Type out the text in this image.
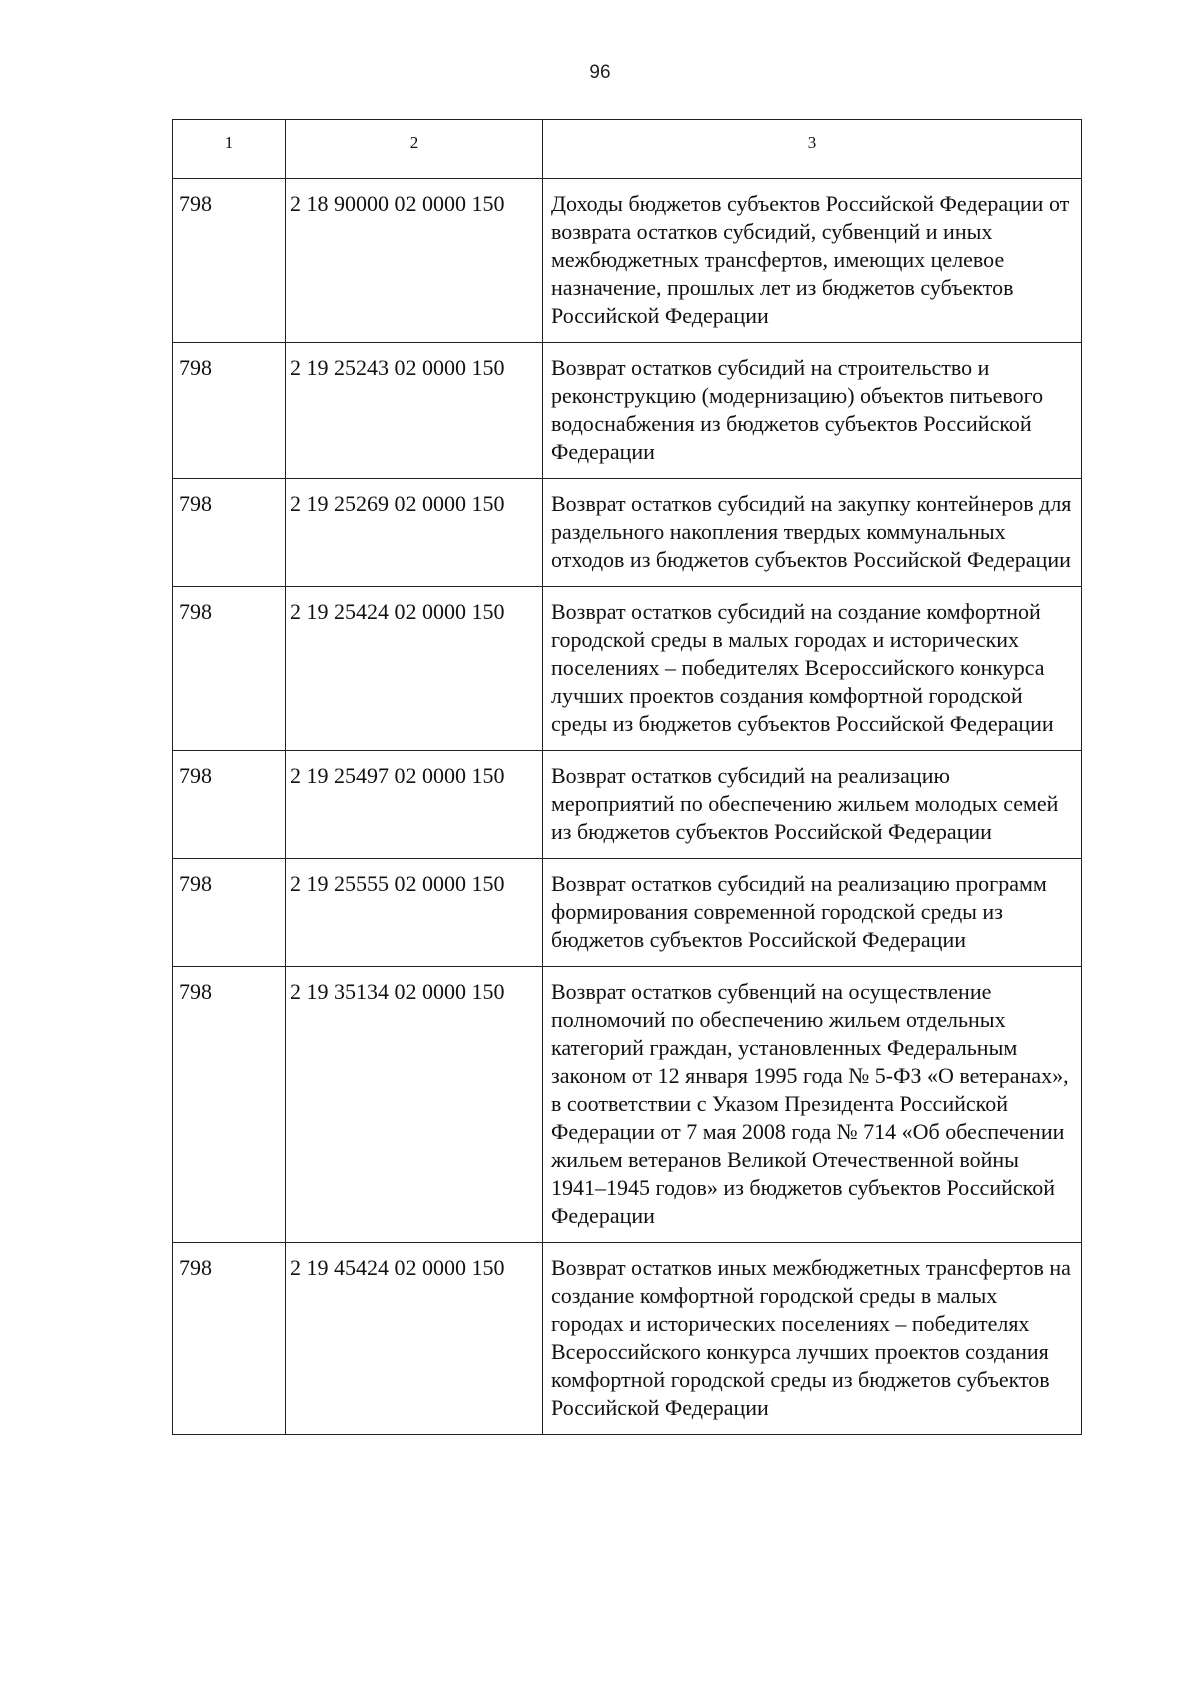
96
1	2	3
798	2 18 90000 02 0000 150	Доходы бюджетов субъектов Российской Федерации от возврата остатков субсидий, субвенций и иных межбюджетных трансфертов, имеющих целевое назначение, прошлых лет из бюджетов субъектов Российской Федерации
798	2 19 25243 02 0000 150	Возврат остатков субсидий на строительство и реконструкцию (модернизацию) объектов питьевого водоснабжения из бюджетов субъектов Российской Федерации
798	2 19 25269 02 0000 150	Возврат остатков субсидий на закупку контейнеров для раздельного накопления твердых коммунальных отходов из бюджетов субъектов Российской Федерации
798	2 19 25424 02 0000 150	Возврат остатков субсидий на создание комфортной городской среды в малых городах и исторических поселениях – победителях Всероссийского конкурса лучших проектов создания комфортной городской среды из бюджетов субъектов Российской Федерации
798	2 19 25497 02 0000 150	Возврат остатков субсидий на реализацию мероприятий по обеспечению жильем молодых семей из бюджетов субъектов Российской Федерации
798	2 19 25555 02 0000 150	Возврат остатков субсидий на реализацию программ формирования современной городской среды из бюджетов субъектов Российской Федерации
798	2 19 35134 02 0000 150	Возврат остатков субвенций на осуществление полномочий по обеспечению жильем отдельных категорий граждан, установленных Федеральным законом от 12 января 1995 года № 5-ФЗ «О ветеранах», в соответствии с Указом Президента Российской Федерации от 7 мая 2008 года № 714 «Об обеспечении жильем ветеранов Великой Отечественной войны 1941–1945 годов» из бюджетов субъектов Российской Федерации
798	2 19 45424 02 0000 150	Возврат остатков иных межбюджетных трансфертов на создание комфортной городской среды в малых городах и исторических поселениях – победителях Всероссийского конкурса лучших проектов создания комфортной городской среды из бюджетов субъектов Российской Федерации
